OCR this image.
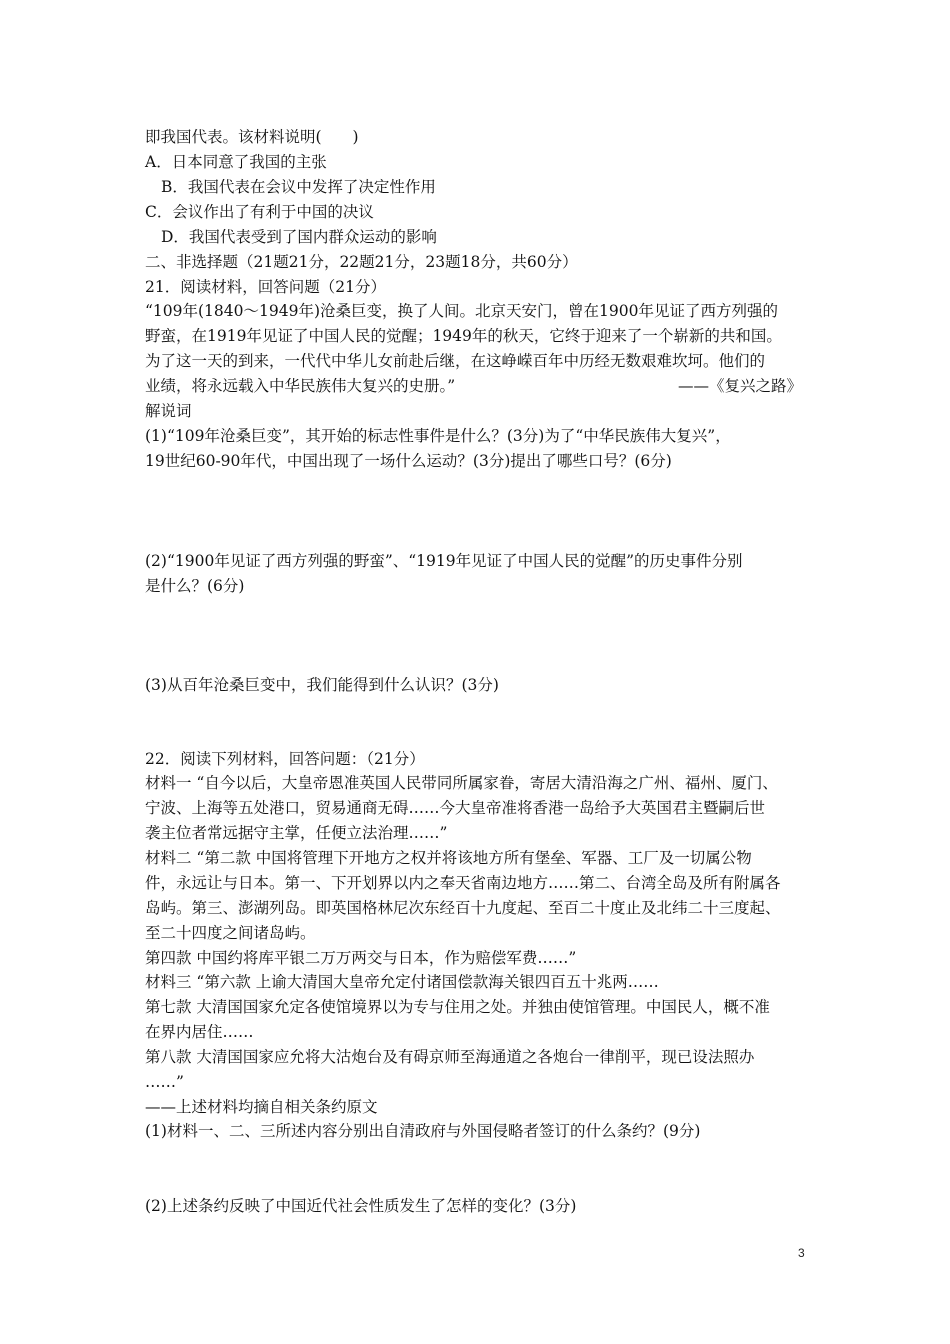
即我国代表。该材料说明(　　)
A．日本同意了我国的主张
B．我国代表在会议中发挥了决定性作用
C．会议作出了有利于中国的决议
D．我国代表受到了国内群众运动的影响
二、非选择题（21题21分，22题21分，23题18分，共60分）
21．阅读材料，回答问题（21分）
“109年(1840～1949年)沧桑巨变，换了人间。北京天安门，曾在1900年见证了西方列强的
野蛮，在1919年见证了中国人民的觉醒；1949年的秋天，它终于迎来了一个崭新的共和国。
为了这一天的到来，一代代中华儿女前赴后继，在这峥嵘百年中历经无数艰难坎坷。他们的
业绩，将永远载入中华民族伟大复兴的史册。”	——《复兴之路》
解说词
(1)“109年沧桑巨变”，其开始的标志性事件是什么？(3分)为了“中华民族伟大复兴”，
19世纪60-90年代，中国出现了一场什么运动？(3分)提出了哪些口号？(6分)
(2)“1900年见证了西方列强的野蛮”、“1919年见证了中国人民的觉醒”的历史事件分别
是什么？(6分)
(3)从百年沧桑巨变中，我们能得到什么认识？(3分)
22．阅读下列材料，回答问题：（21分）
材料一 “自今以后，大皇帝恩准英国人民带同所属家眷，寄居大清沿海之广州、福州、厦门、
宁波、上海等五处港口，贸易通商无碍……今大皇帝准将香港一岛给予大英国君主暨嗣后世
袭主位者常远据守主掌，任便立法治理……”
材料二 “第二款 中国将管理下开地方之权并将该地方所有堡垒、军器、工厂及一切属公物
件，永远让与日本。第一、下开划界以内之奉天省南边地方……第二、台湾全岛及所有附属各
岛屿。第三、澎湖列岛。即英国格林尼次东经百十九度起、至百二十度止及北纬二十三度起、
至二十四度之间诸岛屿。
第四款 中国约将库平银二万万两交与日本，作为赔偿军费……”
材料三 “第六款 上谕大清国大皇帝允定付诸国偿款海关银四百五十兆两……
第七款 大清国国家允定各使馆境界以为专与住用之处。并独由使馆管理。中国民人，概不准
在界内居住……
第八款 大清国国家应允将大沽炮台及有碍京师至海通道之各炮台一律削平，现已设法照办
……”
——上述材料均摘自相关条约原文
(1)材料一、二、三所述内容分别出自清政府与外国侵略者签订的什么条约？(9分)
(2)上述条约反映了中国近代社会性质发生了怎样的变化？(3分)
3
